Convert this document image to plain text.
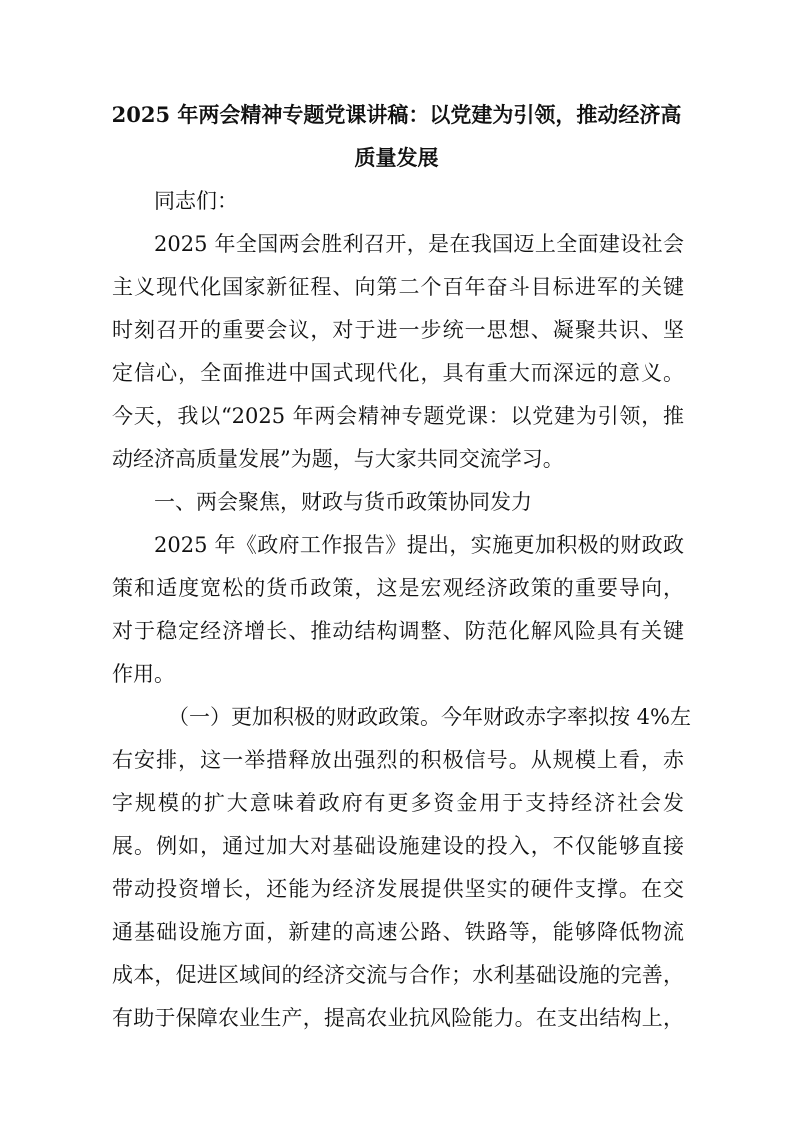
2025 年两会精神专题党课讲稿：以党建为引领，推动经济高
质量发展
同志们：
2025 年全国两会胜利召开，是在我国迈上全面建设社会
主义现代化国家新征程、向第二个百年奋斗目标进军的关键
时刻召开的重要会议，对于进一步统一思想、凝聚共识、坚
定信心，全面推进中国式现代化，具有重大而深远的意义。
今天，我以“2025 年两会精神专题党课：以党建为引领，推
动经济高质量发展”为题，与大家共同交流学习。
一、两会聚焦，财政与货币政策协同发力
2025 年《政府工作报告》提出，实施更加积极的财政政
策和适度宽松的货币政策，这是宏观经济政策的重要导向，
对于稳定经济增长、推动结构调整、防范化解风险具有关键
作用。
（一）更加积极的财政政策。今年财政赤字率拟按 4%左
右安排，这一举措释放出强烈的积极信号。从规模上看，赤
字规模的扩大意味着政府有更多资金用于支持经济社会发
展。例如，通过加大对基础设施建设的投入，不仅能够直接
带动投资增长，还能为经济发展提供坚实的硬件支撑。在交
通基础设施方面，新建的高速公路、铁路等，能够降低物流
成本，促进区域间的经济交流与合作；水利基础设施的完善，
有助于保障农业生产，提高农业抗风险能力。在支出结构上，
